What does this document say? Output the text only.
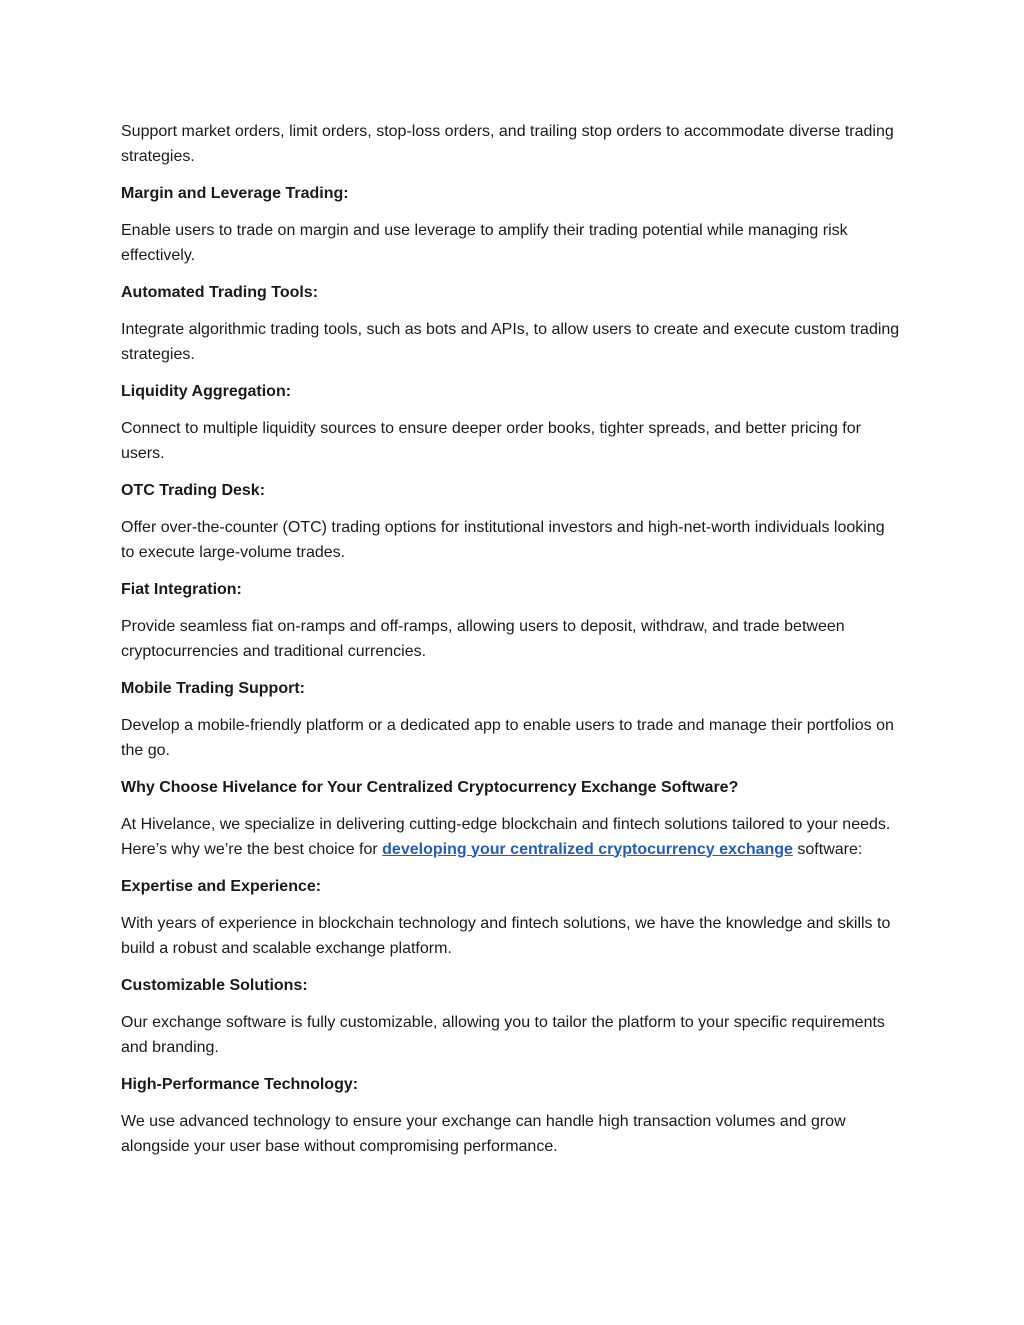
Support market orders, limit orders, stop-loss orders, and trailing stop orders to accommodate diverse trading strategies.

Margin and Leverage Trading:

Enable users to trade on margin and use leverage to amplify their trading potential while managing risk effectively.

Automated Trading Tools:

Integrate algorithmic trading tools, such as bots and APIs, to allow users to create and execute custom trading strategies.

Liquidity Aggregation:

Connect to multiple liquidity sources to ensure deeper order books, tighter spreads, and better pricing for users.

OTC Trading Desk:

Offer over-the-counter (OTC) trading options for institutional investors and high-net-worth individuals looking to execute large-volume trades.

Fiat Integration:

Provide seamless fiat on-ramps and off-ramps, allowing users to deposit, withdraw, and trade between cryptocurrencies and traditional currencies.

Mobile Trading Support:

Develop a mobile-friendly platform or a dedicated app to enable users to trade and manage their portfolios on the go.

Why Choose Hivelance for Your Centralized Cryptocurrency Exchange Software?

At Hivelance, we specialize in delivering cutting-edge blockchain and fintech solutions tailored to your needs. Here’s why we’re the best choice for developing your centralized cryptocurrency exchange software:

Expertise and Experience:

With years of experience in blockchain technology and fintech solutions, we have the knowledge and skills to build a robust and scalable exchange platform.

Customizable Solutions:

Our exchange software is fully customizable, allowing you to tailor the platform to your specific requirements and branding.

High-Performance Technology:

We use advanced technology to ensure your exchange can handle high transaction volumes and grow alongside your user base without compromising performance.
